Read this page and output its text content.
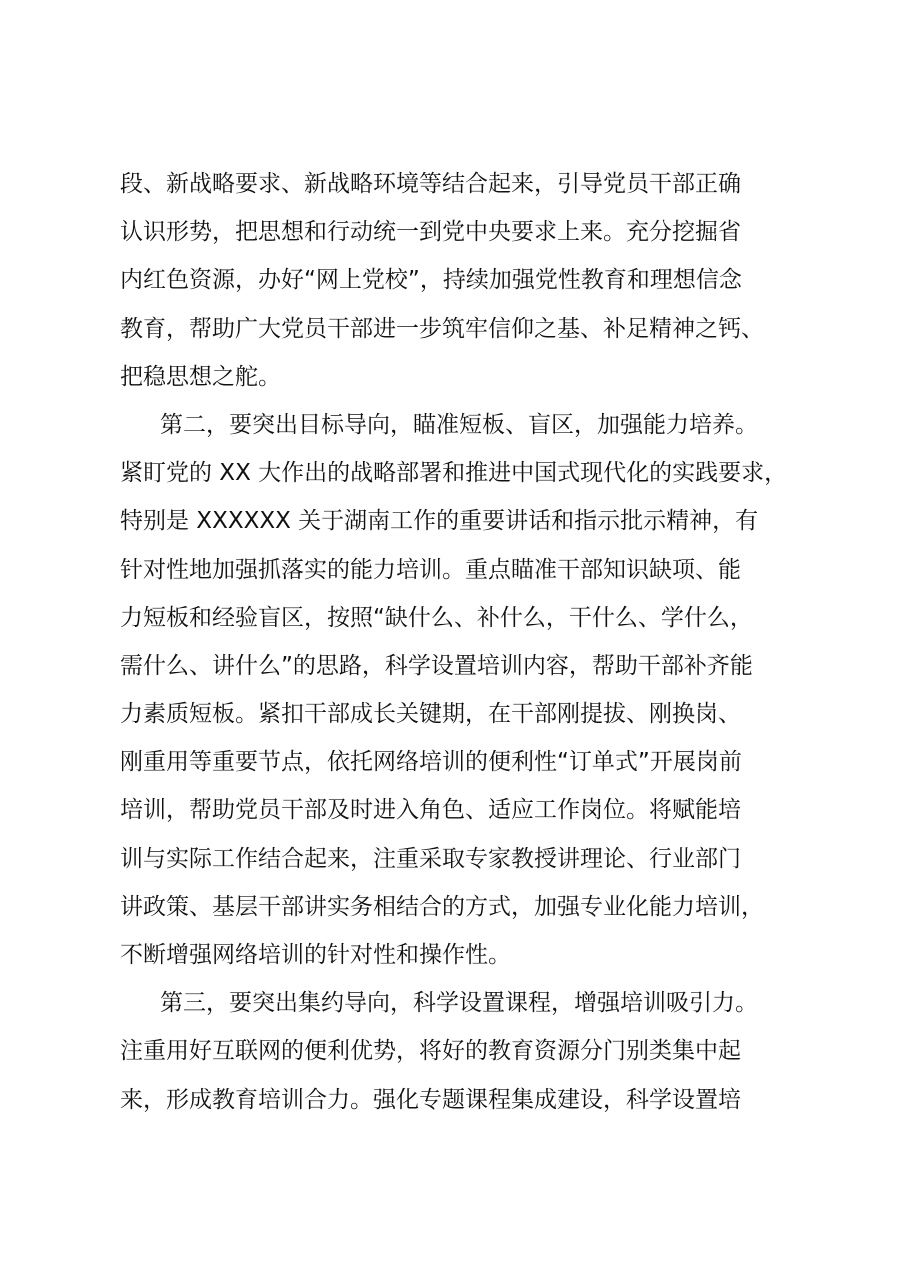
段、新战略要求、新战略环境等结合起来，引导党员干部正确
认识形势，把思想和行动统一到党中央要求上来。充分挖掘省
内红色资源，办好“网上党校”，持续加强党性教育和理想信念
教育，帮助广大党员干部进一步筑牢信仰之基、补足精神之钙、
把稳思想之舵。
第二，要突出目标导向，瞄准短板、盲区，加强能力培养。
紧盯党的 XX 大作出的战略部署和推进中国式现代化的实践要求，
特别是 XXXXXX 关于湖南工作的重要讲话和指示批示精神，有
针对性地加强抓落实的能力培训。重点瞄准干部知识缺项、能
力短板和经验盲区，按照“缺什么、补什么，干什么、学什么，
需什么、讲什么”的思路，科学设置培训内容，帮助干部补齐能
力素质短板。紧扣干部成长关键期，在干部刚提拔、刚换岗、
刚重用等重要节点，依托网络培训的便利性“订单式”开展岗前
培训，帮助党员干部及时进入角色、适应工作岗位。将赋能培
训与实际工作结合起来，注重采取专家教授讲理论、行业部门
讲政策、基层干部讲实务相结合的方式，加强专业化能力培训，
不断增强网络培训的针对性和操作性。
第三，要突出集约导向，科学设置课程，增强培训吸引力。
注重用好互联网的便利优势，将好的教育资源分门别类集中起
来，形成教育培训合力。强化专题课程集成建设，科学设置培
